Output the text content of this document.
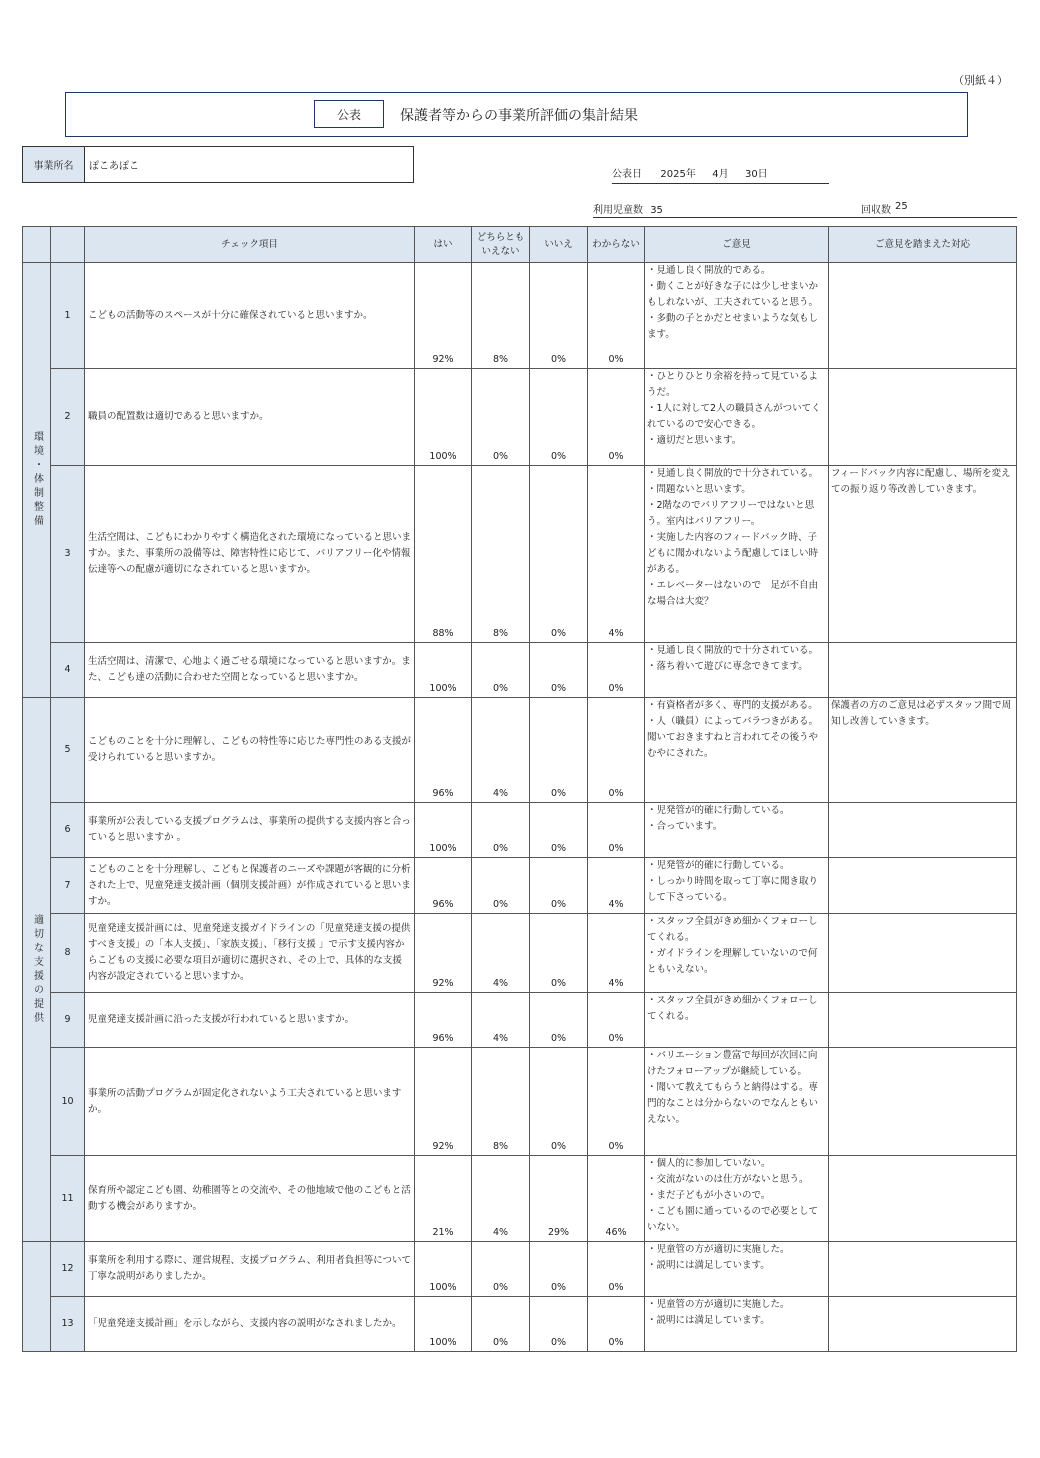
（別紙４）
公表	保護者等からの事業所評価の集計結果
事業所名	ぽこあぽこ
公表日 2025年 4月 30日
利用児童数 35	回収数 25
		チェック項目	はい	どちらとも
いえない	いいえ	わからない	ご意見	ご意見を踏まえた対応

環境・体制整備	1	こどもの活動等のスペースが十分に確保されていると思いますか。	92%	8%	0%	0%	・見通し良く開放的である。
・動くことが好きな子には少しせまいかもしれないが、工夫されていると思う。
・多動の子とかだとせまいような気もします。	

	2	職員の配置数は適切であると思いますか。	100%	0%	0%	0%	・ひとりひとり余裕を持って見ているようだ。
・1人に対して2人の職員さんがついてくれているので安心できる。
・適切だと思います。	

	3	生活空間は、こどもにわかりやすく構造化された環境になっていると思いますか。また、事業所の設備等は、障害特性に応じて、バリアフリー化や情報伝達等への配慮が適切になされていると思いますか。	88%	8%	0%	4%	・見通し良く開放的で十分されている。
・問題ないと思います。
・2階なのでバリアフリーではないと思う。室内はバリアフリー。
・実施した内容のフィードバック時、子どもに聞かれないよう配慮してほしい時がある。
・エレベーターはないので　足が不自由な場合は大変？	フィードバック内容に配慮し、場所を変えての振り返り等改善していきます。
	4	生活空間は、清潔で、心地よく過ごせる環境になっていると思いますか。また、こども達の活動に合わせた空間となっていると思いますか。	100%	0%	0%	0%	・見通し良く開放的で十分されている。
・落ち着いて遊びに専念できてます。	

適切な支援の提供	5	こどものことを十分に理解し、こどもの特性等に応じた専門性のある支援が受けられていると思いますか。	96%	4%	0%	0%	・有資格者が多く、専門的支援がある。
・人（職員）によってバラつきがある。聞いておきますねと言われてその後うやむやにされた。	保護者の方のご意見は必ずスタッフ間で周知し改善していきます。
	6	事業所が公表している支援プログラムは、事業所の提供する支援内容と合っていると思いますか 。	100%	0%	0%	0%	・児発管が的確に行動している。
・合っています。	

	7	こどものことを十分理解し、こどもと保護者のニーズや課題が客観的に分析された上で、児童発達支援計画（個別支援計画）が作成されていると思いますか。	96%	0%	0%	4%	・児発管が的確に行動している。
・しっかり時間を取って丁寧に聞き取りして下さっている。	

	8	児童発達支援計画には、児童発達支援ガイドラインの「児童発達支援の提供すべき支援」の「本人支援」、「家族支援」、「移行支援 」で示す支援内容からこどもの支援に必要な項目が適切に選択され、その上で、具体的な支援内容が設定されていると思いますか。	92%	4%	0%	4%	・スタッフ全員がきめ細かくフォローしてくれる。
・ガイドラインを理解していないので何ともいえない。	

	9	児童発達支援計画に沿った支援が行われていると思いますか。	96%	4%	0%	0%	・スタッフ全員がきめ細かくフォローしてくれる。	

	10	事業所の活動プログラムが固定化されないよう工夫されていると思いますか。	92%	8%	0%	0%	・バリエーション豊富で毎回が次回に向けたフォローアップが継続している。
・聞いて教えてもらうと納得はする。専門的なことは分からないのでなんともいえない。	

	11	保育所や認定こども園、幼稚園等との交流や、その他地域で他のこどもと活動する機会がありますか。	21%	4%	29%	46%	・個人的に参加していない。
・交流がないのは仕方がないと思う。
・まだ子どもが小さいので。
・こども園に通っているので必要としていない。	

	12	事業所を利用する際に、運営規程、支援プログラム、利用者負担等について丁寧な説明がありましたか。	100%	0%	0%	0%	・児童管の方が適切に実施した。
・説明には満足しています。	

	13	「児童発達支援計画」を示しながら、支援内容の説明がなされましたか。	100%	0%	0%	0%	・児童管の方が適切に実施した。
・説明には満足しています。	
